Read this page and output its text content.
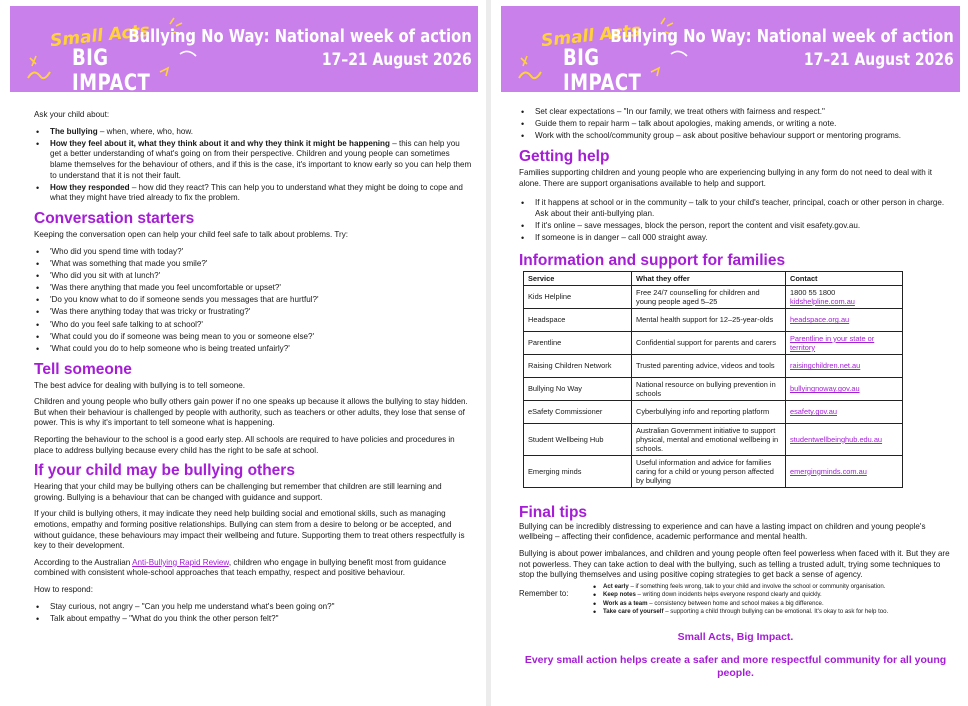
Small Acts
BIG IMPACT
Bullying No Way: National week of action
17–21 August 2026

Ask your child about:

• The bullying – when, where, who, how.
• How they feel about it, what they think about it and why they think it might be happening – this can help you get a better understanding of what's going on from their perspective. Children and young people can sometimes blame themselves for the behaviour of others, and if this is the case, it's important to know early so you can help them to understand that it is not their fault.
• How they responded – how did they react? This can help you to understand what they might be doing to cope and what they might have tried already to fix the problem.
Conversation starters

Keeping the conversation open can help your child feel safe to talk about problems. Try:

• 'Who did you spend time with today?'
• 'What was something that made you smile?'
• 'Who did you sit with at lunch?'
• 'Was there anything that made you feel uncomfortable or upset?'
• 'Do you know what to do if someone sends you messages that are hurtful?'
• 'Was there anything today that was tricky or frustrating?'
• 'Who do you feel safe talking to at school?'
• 'What could you do if someone was being mean to you or someone else?'
• 'What could you do to help someone who is being treated unfairly?'
Tell someone

The best advice for dealing with bullying is to tell someone.

Children and young people who bully others gain power if no one speaks up because it allows the bullying to stay hidden. But when their behaviour is challenged by people with authority, such as teachers or other adults, they lose that sense of power. This is why it's important to tell someone what is happening.

Reporting the behaviour to the school is a good early step. All schools are required to have policies and procedures in place to address bullying because every child has the right to be safe at school.

If your child may be bullying others

Hearing that your child may be bullying others can be challenging but remember that children are still learning and growing. Bullying is a behaviour that can be changed with guidance and support.

If your child is bullying others, it may indicate they need help building social and emotional skills, such as managing emotions, empathy and forming positive relationships. Bullying can stem from a desire to belong or be accepted, and without guidance, these behaviours may impact their wellbeing and future. Supporting them to treat others respectfully is key to their development.

According to the Australian Anti-Bullying Rapid Review, children who engage in bullying benefit most from guidance combined with consistent whole-school approaches that teach empathy, respect and positive behaviour.

How to respond:

• Stay curious, not angry – "Can you help me understand what's been going on?"
• Talk about empathy – "What do you think the other person felt?"
Small Acts
BIG IMPACT
Bullying No Way: National week of action
17–21 August 2026
• Set clear expectations – "In our family, we treat others with fairness and respect."
• Guide them to repair harm – talk about apologies, making amends, or writing a note.
• Work with the school/community group – ask about positive behaviour support or mentoring programs.
Getting help

Families supporting children and young people who are experiencing bullying in any form do not need to deal with it alone. There are support organisations available to help and support.

• If it happens at school or in the community – talk to your child's teacher, principal, coach or other person in charge. Ask about their anti-bullying plan.
• If it's online – save messages, block the person, report the content and visit esafety.gov.au.
• If someone is in danger – call 000 straight away.
Information and support for families
Service	What they offer	Contact
Kids Helpline	Free 24/7 counselling for children and young people aged 5–25	1800 55 1800
kidshelpline.com.au
Headspace	Mental health support for 12–25-year-olds	headspace.org.au
Parentline	Confidential support for parents and carers	Parentline in your state or territory
Raising Children Network	Trusted parenting advice, videos and tools	raisingchildren.net.au
Bullying No Way	National resource on bullying prevention in schools	bullyingnoway.gov.au
eSafety Commissioner	Cyberbullying info and reporting platform	esafety.gov.au
Student Wellbeing Hub	Australian Government initiative to support physical, mental and emotional wellbeing in schools.	studentwellbeinghub.edu.au
Emerging minds	Useful information and advice for families caring for a child or young person affected by bullying	emergingminds.com.au
Final tips

Bullying can be incredibly distressing to experience and can have a lasting impact on children and young people's wellbeing – affecting their confidence, academic performance and mental health.

Bullying is about power imbalances, and children and young people often feel powerless when faced with it. But they are not powerless. They can take action to deal with the bullying, such as telling a trusted adult, trying some techniques to stop the bullying themselves and using positive coping strategies to get back a sense of agency.

Remember to:
• Act early – if something feels wrong, talk to your child and involve the school or community organisation.
• Keep notes – writing down incidents helps everyone respond clearly and quickly.
• Work as a team – consistency between home and school makes a big difference.
• Take care of yourself – supporting a child through bullying can be emotional. It's okay to ask for help too.
Small Acts, Big Impact.
Every small action helps create a safer and more respectful community for all young people.
